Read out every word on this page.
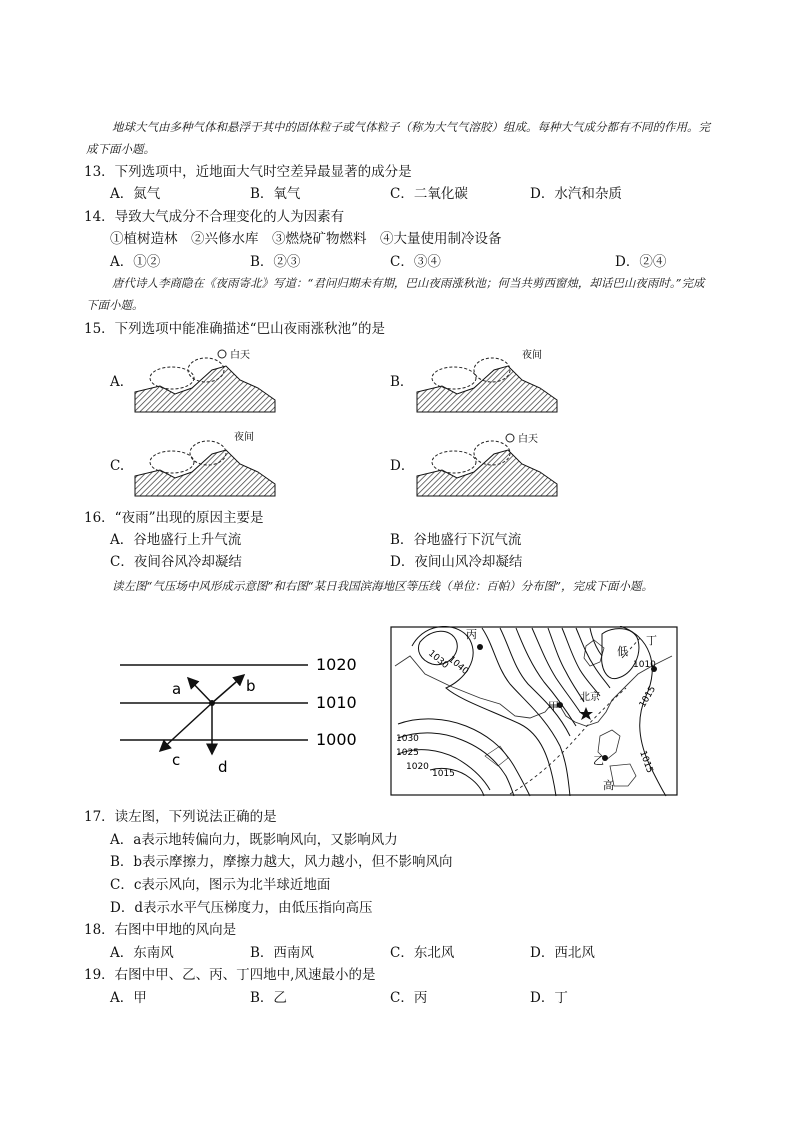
地球大气由多种气体和悬浮于其中的固体粒子或气体粒子（称为大气气溶胶）组成。每种大气成分都有不同的作用。完成下面小题。
13．下列选项中，近地面大气时空差异最显著的成分是
A．氮气	B．氧气	C．二氧化碳	D．水汽和杂质
14．导致大气成分不合理变化的人为因素有
①植树造林　②兴修水库　③燃烧矿物燃料　④大量使用制冷设备
A．①②	B．②③	C．③④	D．②④
唐代诗人李商隐在《夜雨寄北》写道：“君问归期未有期，巴山夜雨涨秋池；何当共剪西窗烛，却话巴山夜雨时。”完成下面小题。
15．下列选项中能准确描述“巴山夜雨涨秋池”的是
A．	B．
C.	D．
白天	夜间
夜间	白天
16．“夜雨”出现的原因主要是
A．谷地盛行上升气流	B．谷地盛行下沉气流
C．夜间谷风冷却凝结	D．夜间山风冷却凝结
读左图“气压场中风形成示意图”和右图“某日我国滨海地区等压线（单位：百帕）分布图”，完成下面小题。
1020
1010
1000
a	b
c	d
丙
低
丁
甲
北京
乙
高
1040
1030	1010
1015
1030
1025
1020
1015	1015
17．读左图，下列说法正确的是
A．a表示地转偏向力，既影响风向，又影响风力
B．b表示摩擦力，摩擦力越大，风力越小，但不影响风向
C．c表示风向，图示为北半球近地面
D．d表示水平气压梯度力，由低压指向高压
18．右图中甲地的风向是
A．东南风	B．西南风	C．东北风	D．西北风
19．右图中甲、乙、丙、丁四地中,风速最小的是
A．甲	B．乙	C．丙	D．丁
